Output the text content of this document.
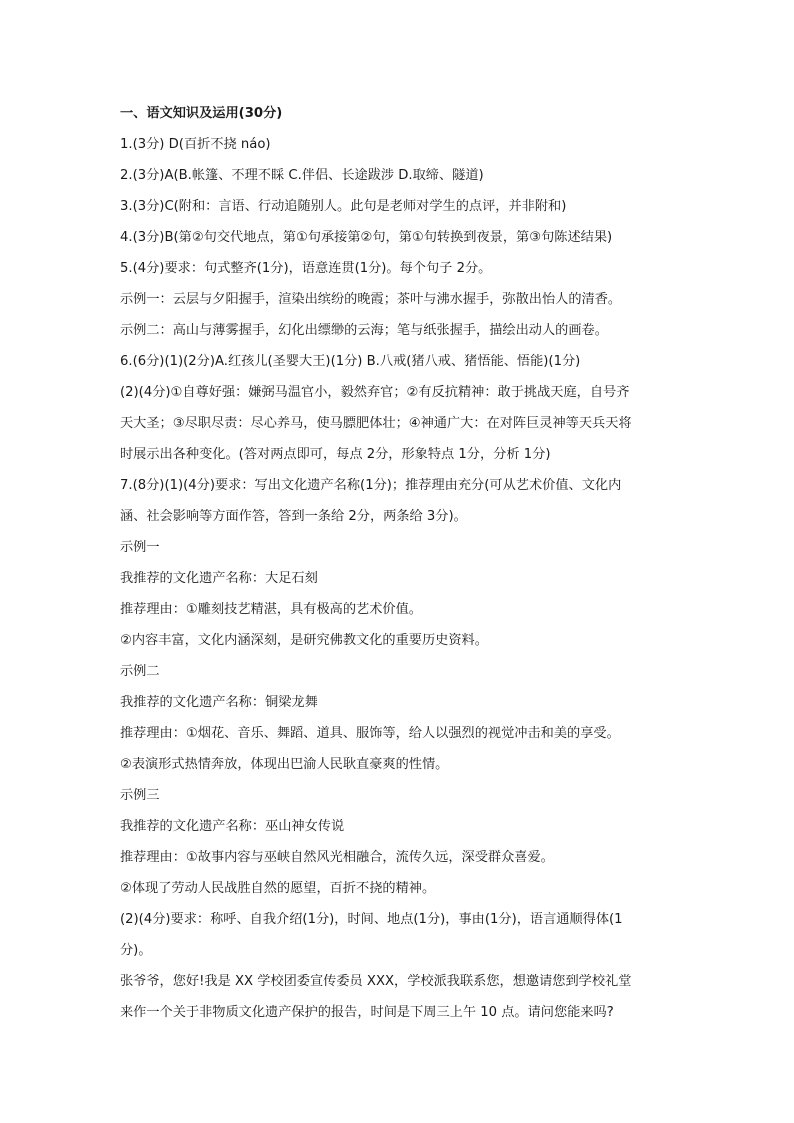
一、语文知识及运用(30分)
1.(3分) D(百折不挠 náo)
2.(3分)A(B.帐篷、不理不睬 C.伴侣、长途跋涉 D.取缔、隧道)
3.(3分)C(附和：言语、行动追随别人。此句是老师对学生的点评，并非附和)
4.(3分)B(第②句交代地点，第①句承接第②句，第①句转换到夜景，第③句陈述结果)
5.(4分)要求：句式整齐(1分)，语意连贯(1分)。每个句子 2分。
示例一：云层与夕阳握手，渲染出缤纷的晚霞；茶叶与沸水握手，弥散出怡人的清香。
示例二：高山与薄雾握手，幻化出缥缈的云海；笔与纸张握手，描绘出动人的画卷。
6.(6分)(1)(2分)A.红孩儿(圣婴大王)(1分) B.八戒(猪八戒、猪悟能、悟能)(1分)
(2)(4分)①自尊好强：嫌弼马温官小，毅然弃官；②有反抗精神：敢于挑战天庭，自号齐
天大圣；③尽职尽责：尽心养马，使马膘肥体壮；④神通广大：在对阵巨灵神等天兵天将
时展示出各种变化。(答对两点即可，每点 2分，形象特点 1分，分析 1分)
7.(8分)(1)(4分)要求：写出文化遗产名称(1分)；推荐理由充分(可从艺术价值、文化内
涵、社会影响等方面作答，答到一条给 2分，两条给 3分)。
示例一
我推荐的文化遗产名称：大足石刻
推荐理由：①雕刻技艺精湛，具有极高的艺术价值。
②内容丰富，文化内涵深刻，是研究佛教文化的重要历史资料。
示例二
我推荐的文化遗产名称：铜梁龙舞
推荐理由：①烟花、音乐、舞蹈、道具、服饰等，给人以强烈的视觉冲击和美的享受。
②表演形式热情奔放，体现出巴渝人民耿直豪爽的性情。
示例三
我推荐的文化遗产名称：巫山神女传说
推荐理由：①故事内容与巫峡自然风光相融合，流传久远，深受群众喜爱。
②体现了劳动人民战胜自然的愿望，百折不挠的精神。
(2)(4分)要求：称呼、自我介绍(1分)，时间、地点(1分)，事由(1分)，语言通顺得体(1
分)。
张爷爷，您好!我是 XX 学校团委宣传委员 XXX，学校派我联系您，想邀请您到学校礼堂
来作一个关于非物质文化遗产保护的报告，时间是下周三上午 10 点。请问您能来吗?
